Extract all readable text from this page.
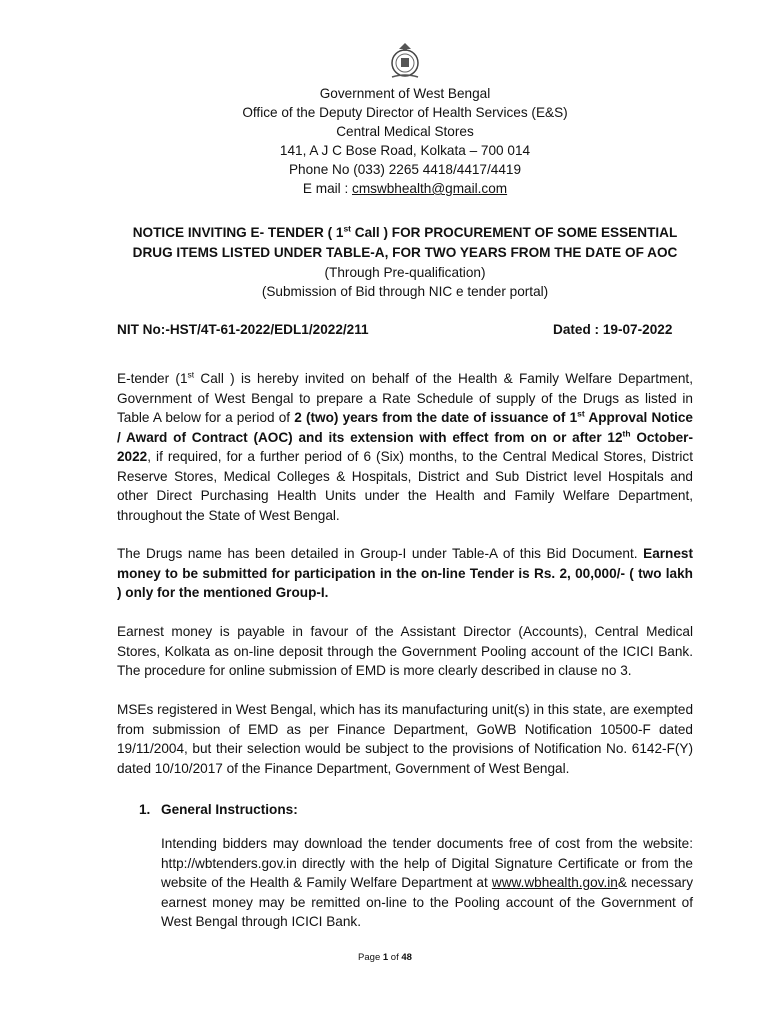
Government of West Bengal
Office of the Deputy Director of Health Services (E&S)
Central Medical Stores
141, A J C Bose Road, Kolkata – 700 014
Phone No (033) 2265 4418/4417/4419
E mail : cmswbhealth@gmail.com
NOTICE INVITING E- TENDER ( 1st Call ) FOR PROCUREMENT OF SOME ESSENTIAL
DRUG ITEMS LISTED UNDER TABLE-A, FOR TWO YEARS FROM THE DATE OF AOC
(Through Pre-qualification)
(Submission of Bid through NIC e tender portal)
NIT No:-HST/4T-61-2022/EDL1/2022/211	Dated : 19-07-2022
E-tender (1st Call ) is hereby invited on behalf of the Health & Family Welfare Department, Government of West Bengal to prepare a Rate Schedule of supply of the Drugs as listed in Table A below for a period of 2 (two) years from the date of issuance of 1st Approval Notice / Award of Contract (AOC) and its extension with effect from on or after 12th October-2022, if required, for a further period of 6 (Six) months, to the Central Medical Stores, District Reserve Stores, Medical Colleges & Hospitals, District and Sub District level Hospitals and other Direct Purchasing Health Units under the Health and Family Welfare Department, throughout the State of West Bengal.
The Drugs name has been detailed in Group-I under Table-A of this Bid Document. Earnest money to be submitted for participation in the on-line Tender is Rs. 2, 00,000/- ( two lakh ) only for the mentioned Group-I.
Earnest money is payable in favour of the Assistant Director (Accounts), Central Medical Stores, Kolkata as on-line deposit through the Government Pooling account of the ICICI Bank. The procedure for online submission of EMD is more clearly described in clause no 3.
MSEs registered in West Bengal, which has its manufacturing unit(s) in this state, are exempted from submission of EMD as per Finance Department, GoWB Notification 10500-F dated 19/11/2004, but their selection would be subject to the provisions of Notification No. 6142-F(Y) dated 10/10/2017 of the Finance Department, Government of West Bengal.
1. General Instructions:
Intending bidders may download the tender documents free of cost from the website: http://wbtenders.gov.in directly with the help of Digital Signature Certificate or from the website of the Health & Family Welfare Department at www.wbhealth.gov.in& necessary earnest money may be remitted on-line to the Pooling account of the Government of West Bengal through ICICI Bank.
Page 1 of 48
